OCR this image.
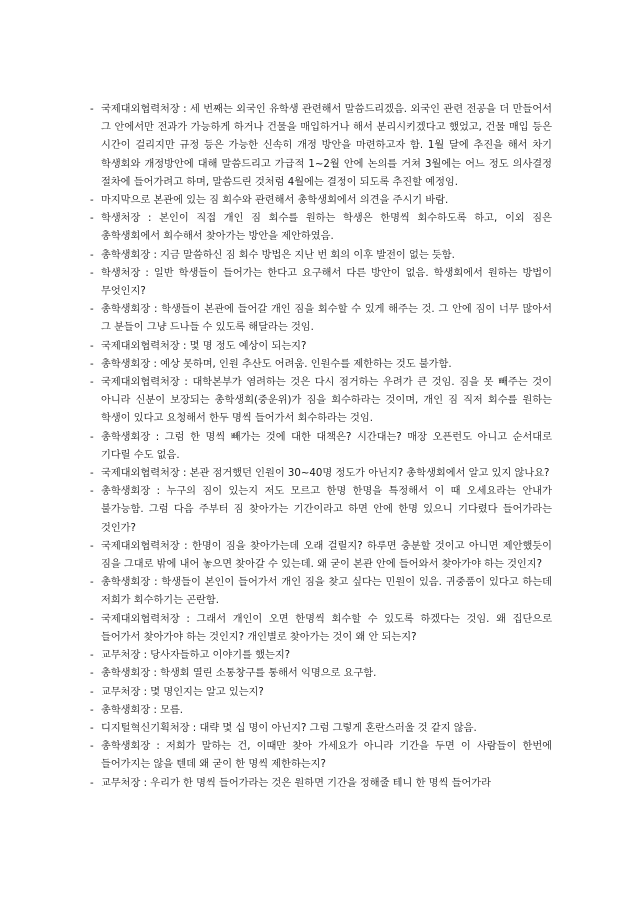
- 국제대외협력처장 : 세 번째는 외국인 유학생 관련해서 말씀드리겠음. 외국인 관련 전공을 더 만들어서 그 안에서만 전과가 가능하게 하거나 건물을 매입하거나 해서 분리시키겠다고 했었고, 건물 매입 등은 시간이 걸리지만 규정 등은 가능한 신속히 개정 방안을 마련하고자 함. 1월 달에 추진을 해서 차기 학생회와 개정방안에 대해 말씀드리고 가급적 1~2월 안에 논의를 거쳐 3월에는 어느 정도 의사결정 절차에 들어가려고 하며, 말씀드린 것처럼 4월에는 결정이 되도록 추진할 예정임.
- 마지막으로 본관에 있는 짐 회수와 관련해서 총학생회에서 의견을 주시기 바람.
- 학생처장 : 본인이 직접 개인 짐 회수를 원하는 학생은 한명씩 회수하도록 하고, 이외 짐은 총학생회에서 회수해서 찾아가는 방안을 제안하였음.
- 총학생회장 : 지금 말씀하신 짐 회수 방법은 지난 번 회의 이후 발전이 없는 듯함.
- 학생처장 : 일반 학생들이 들어가는 한다고 요구해서 다른 방안이 없음. 학생회에서 원하는 방법이 무엇인지?
- 총학생회장 : 학생들이 본관에 들어갈 개인 짐을 회수할 수 있게 해주는 것. 그 안에 짐이 너무 많아서 그 분들이 그냥 드나들 수 있도록 해달라는 것임.
- 국제대외협력처장 : 몇 명 정도 예상이 되는지?
- 총학생회장 : 예상 못하며, 인원 추산도 어려움. 인원수를 제한하는 것도 불가함.
- 국제대외협력처장 : 대학본부가 염려하는 것은 다시 점거하는 우려가 큰 것임. 짐을 못 빼주는 것이 아니라 신분이 보장되는 총학생회(중운위)가 짐을 회수하라는 것이며, 개인 짐 직저 회수를 원하는 학생이 있다고 요청해서 한두 명씩 들어가서 회수하라는 것임.
- 총학생회장 : 그럼 한 명씩 빼가는 것에 대한 대책은? 시간대는? 매장 오픈런도 아니고 순서대로 기다릴 수도 없음.
- 국제대외협력처장 : 본관 점거했던 인원이 30~40명 정도가 아닌지? 총학생회에서 알고 있지 않나요?
- 총학생회장 : 누구의 짐이 있는지 저도 모르고 한명 한명을 특정해서 이 때 오세요라는 안내가 불가능함. 그럼 다음 주부터 짐 찾아가는 기간이라고 하면 안에 한명 있으니 기다렸다 들어가라는 것인가?
- 국제대외협력처장 : 한명이 짐을 찾아가는데 오래 걸릴지? 하루면 충분할 것이고 아니면 제안했듯이 짐을 그대로 밖에 내어 놓으면 찾아갈 수 있는데. 왜 굳이 본관 안에 들어와서 찾아가야 하는 것인지?
- 총학생회장 : 학생들이 본인이 들어가서 개인 짐을 찾고 싶다는 민원이 있음. 귀중품이 있다고 하는데 저희가 회수하기는 곤란함.
- 국제대외협력처장 : 그래서 개인이 오면 한명씩 회수할 수 있도록 하겠다는 것임. 왜 집단으로 들어가서 찾아가야 하는 것인지? 개인별로 찾아가는 것이 왜 안 되는지?
- 교무처장 : 당사자들하고 이야기를 했는지?
- 총학생회장 : 학생회 열린 소통창구를 통해서 익명으로 요구함.
- 교무처장 : 몇 명인지는 알고 있는지?
- 총학생회장 : 모름.
- 디지털혁신기획처장 : 대략 몇 십 명이 아닌지? 그럼 그렇게 혼란스러울 것 같지 않음.
- 총학생회장 : 저희가 말하는 건, 이때만 찾아 가세요가 아니라 기간을 두면 이 사람들이 한번에 들어가지는 않을 텐데 왜 굳이 한 명씩 제한하는지?
- 교무처장 : 우리가 한 명씩 들어가라는 것은 원하면 기간을 정해줄 테니 한 명씩 들어가라
